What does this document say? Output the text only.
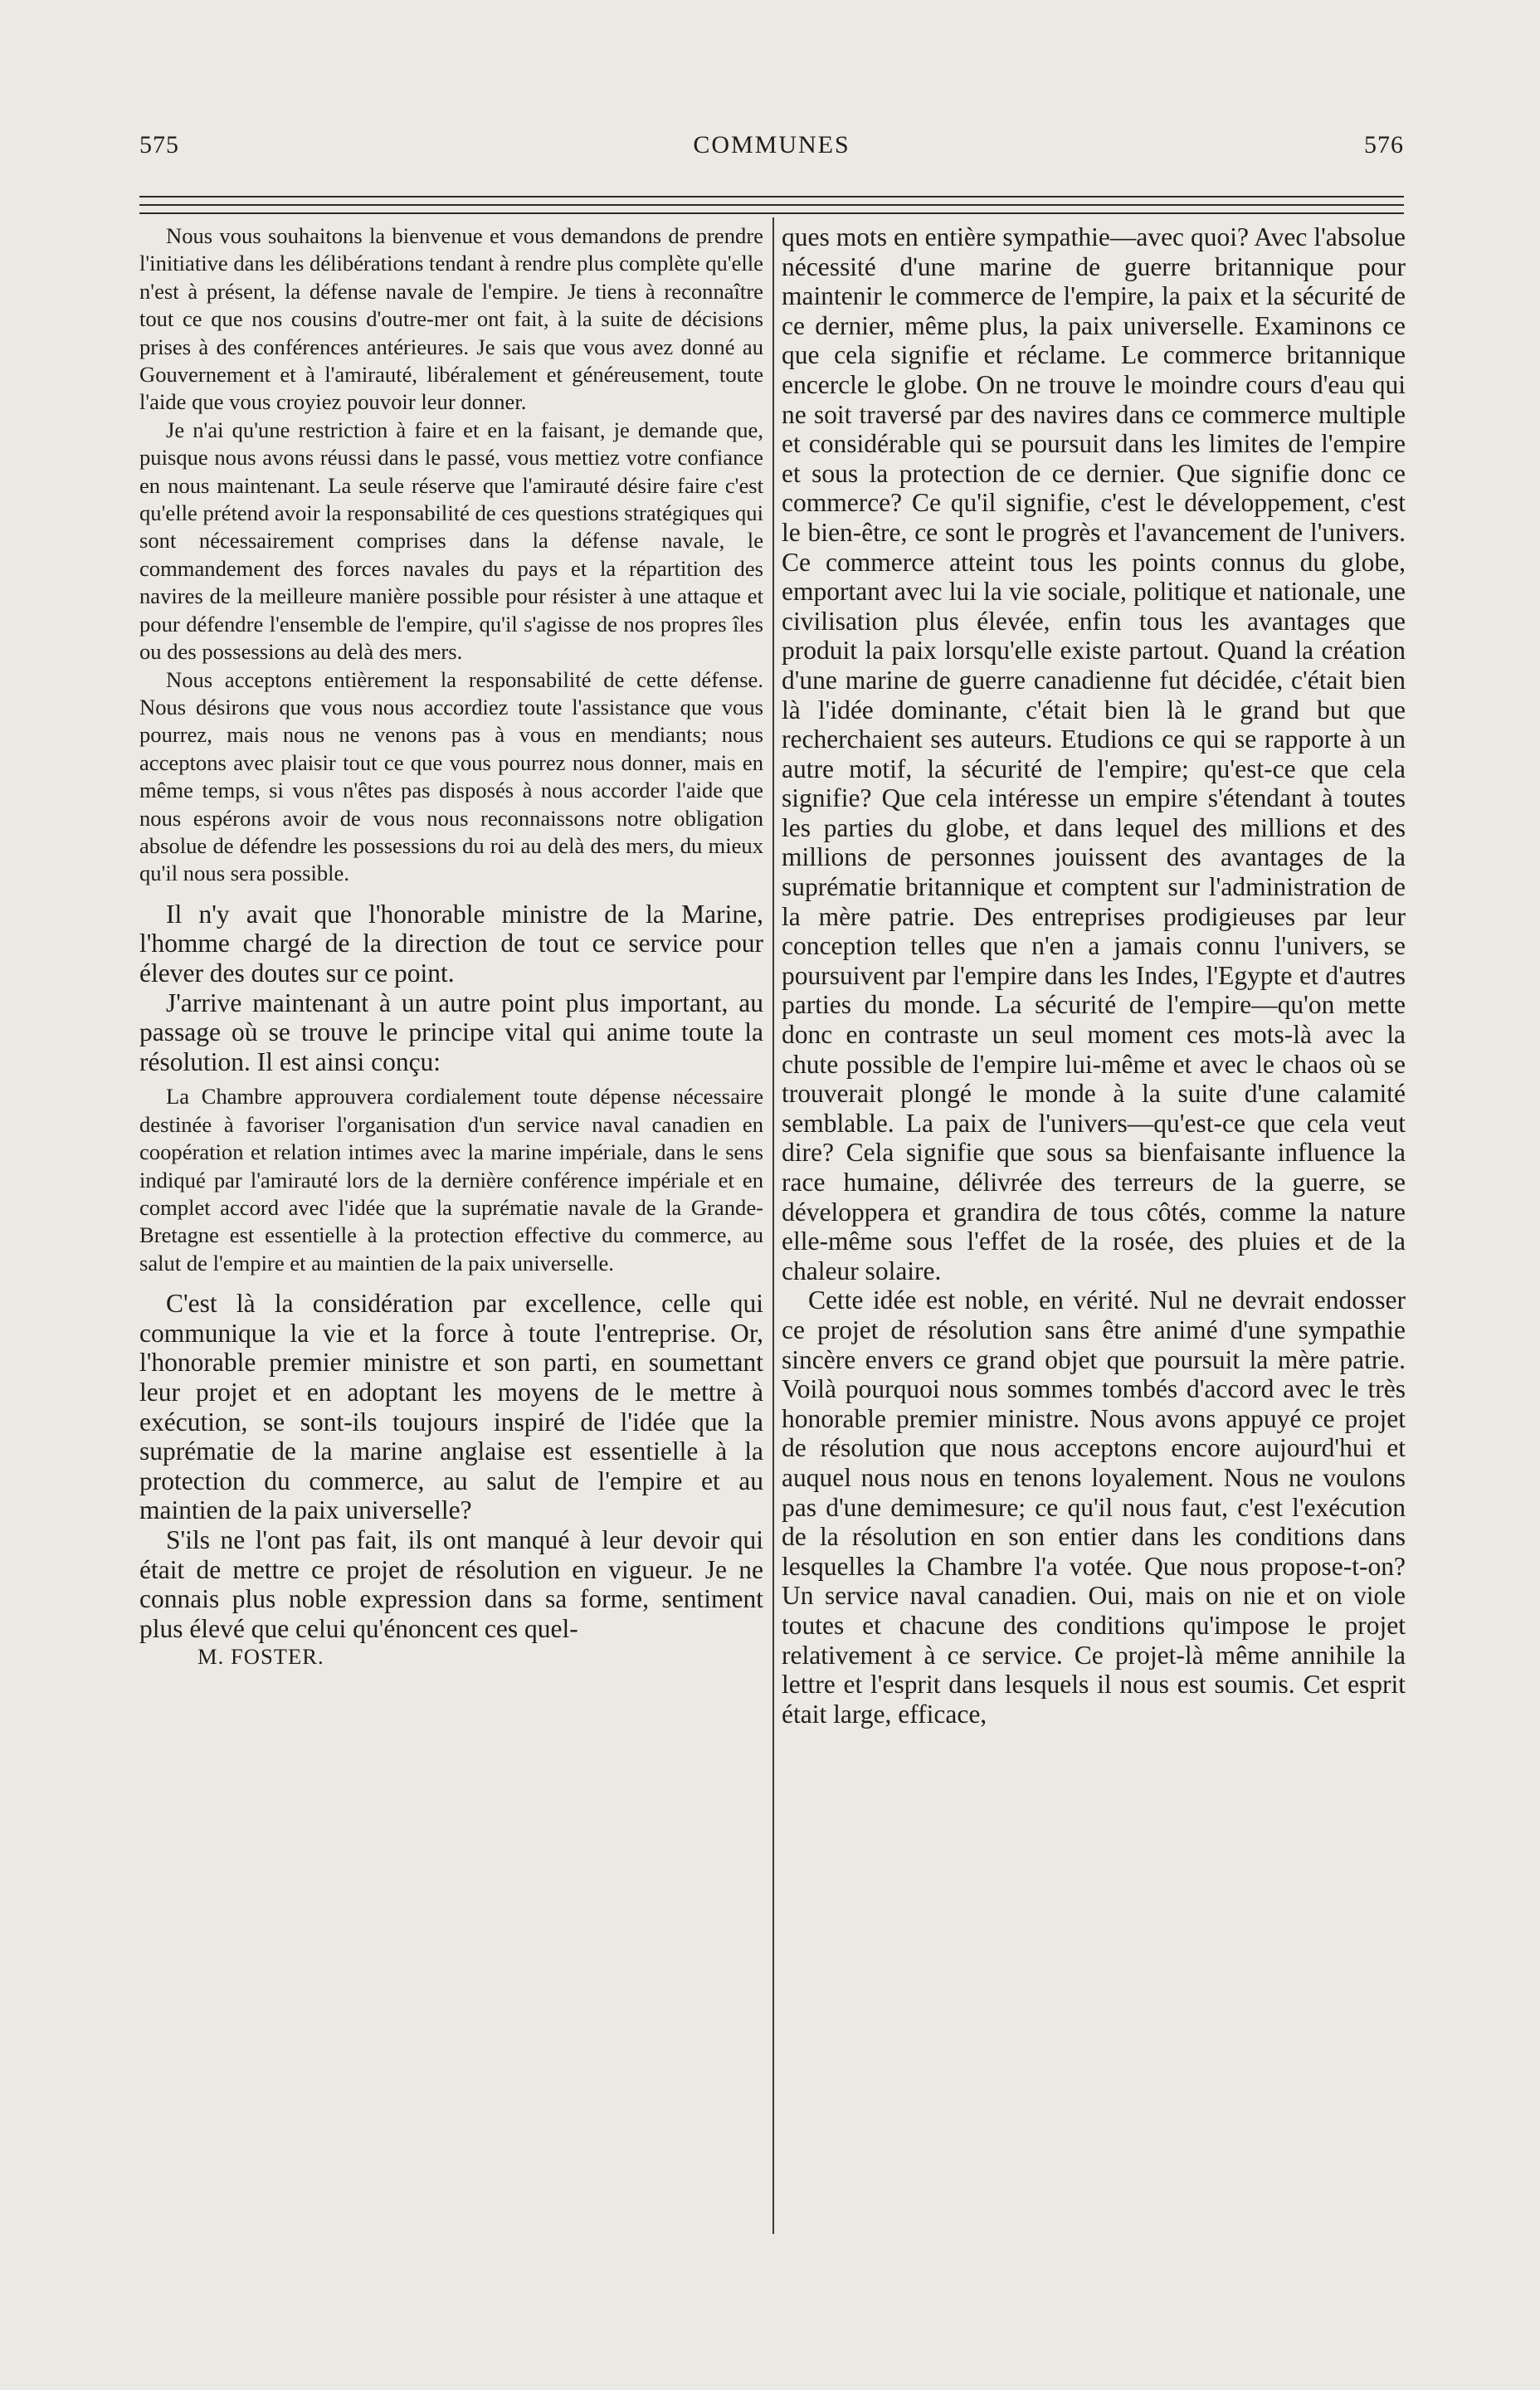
575	COMMUNES	576

Nous vous souhaitons la bienvenue et vous demandons de prendre l'initiative dans les délibérations tendant à rendre plus complète qu'elle n'est à présent, la défense navale de l'empire. Je tiens à reconnaître tout ce que nos cousins d'outre-mer ont fait, à la suite de décisions prises à des conférences antérieures. Je sais que vous avez donné au Gouvernement et à l'amirauté, libéralement et généreusement, toute l'aide que vous croyiez pouvoir leur donner.

Je n'ai qu'une restriction à faire et en la faisant, je demande que, puisque nous avons réussi dans le passé, vous mettiez votre confiance en nous maintenant. La seule réserve que l'amirauté désire faire c'est qu'elle prétend avoir la responsabilité de ces questions stratégiques qui sont nécessairement comprises dans la défense navale, le commandement des forces navales du pays et la répartition des navires de la meilleure manière possible pour résister à une attaque et pour défendre l'ensemble de l'empire, qu'il s'agisse de nos propres îles ou des possessions au delà des mers.

Nous acceptons entièrement la responsabilité de cette défense. Nous désirons que vous nous accordiez toute l'assistance que vous pourrez, mais nous ne venons pas à vous en mendiants; nous acceptons avec plaisir tout ce que vous pourrez nous donner, mais en même temps, si vous n'êtes pas disposés à nous accorder l'aide que nous espérons avoir de vous nous reconnaissons notre obligation absolue de défendre les possessions du roi au delà des mers, du mieux qu'il nous sera possible.

Il n'y avait que l'honorable ministre de la Marine, l'homme chargé de la direction de tout ce service pour élever des doutes sur ce point.

J'arrive maintenant à un autre point plus important, au passage où se trouve le principe vital qui anime toute la résolution. Il est ainsi conçu:

La Chambre approuvera cordialement toute dépense nécessaire destinée à favoriser l'organisation d'un service naval canadien en coopération et relation intimes avec la marine impériale, dans le sens indiqué par l'amirauté lors de la dernière conférence impériale et en complet accord avec l'idée que la suprématie navale de la Grande-Bretagne est essentielle à la protection effective du commerce, au salut de l'empire et au maintien de la paix universelle.

C'est là la considération par excellence, celle qui communique la vie et la force à toute l'entreprise. Or, l'honorable premier ministre et son parti, en soumettant leur projet et en adoptant les moyens de le mettre à exécution, se sont-ils toujours inspiré de l'idée que la suprématie de la marine anglaise est essentielle à la protection du commerce, au salut de l'empire et au maintien de la paix universelle?

S'ils ne l'ont pas fait, ils ont manqué à leur devoir qui était de mettre ce projet de résolution en vigueur. Je ne connais plus noble expression dans sa forme, sentiment plus élevé que celui qu'énoncent ces quel-

M. FOSTER.

ques mots en entière sympathie—avec quoi? Avec l'absolue nécessité d'une marine de guerre britannique pour maintenir le commerce de l'empire, la paix et la sécurité de ce dernier, même plus, la paix universelle. Examinons ce que cela signifie et réclame. Le commerce britannique encercle le globe. On ne trouve le moindre cours d'eau qui ne soit traversé par des navires dans ce commerce multiple et considérable qui se poursuit dans les limites de l'empire et sous la protection de ce dernier. Que signifie donc ce commerce? Ce qu'il signifie, c'est le développement, c'est le bien-être, ce sont le progrès et l'avancement de l'univers. Ce commerce atteint tous les points connus du globe, emportant avec lui la vie sociale, politique et nationale, une civilisation plus élevée, enfin tous les avantages que produit la paix lorsqu'elle existe partout. Quand la création d'une marine de guerre canadienne fut décidée, c'était bien là l'idée dominante, c'était bien là le grand but que recherchaient ses auteurs. Etudions ce qui se rapporte à un autre motif, la sécurité de l'empire; qu'est-ce que cela signifie? Que cela intéresse un empire s'étendant à toutes les parties du globe, et dans lequel des millions et des millions de personnes jouissent des avantages de la suprématie britannique et comptent sur l'administration de la mère patrie. Des entreprises prodigieuses par leur conception telles que n'en a jamais connu l'univers, se poursuivent par l'empire dans les Indes, l'Egypte et d'autres parties du monde. La sécurité de l'empire—qu'on mette donc en contraste un seul moment ces mots-là avec la chute possible de l'empire lui-même et avec le chaos où se trouverait plongé le monde à la suite d'une calamité semblable. La paix de l'univers—qu'est-ce que cela veut dire? Cela signifie que sous sa bienfaisante influence la race humaine, délivrée des terreurs de la guerre, se développera et grandira de tous côtés, comme la nature elle-même sous l'effet de la rosée, des pluies et de la chaleur solaire.

Cette idée est noble, en vérité. Nul ne devrait endosser ce projet de résolution sans être animé d'une sympathie sincère envers ce grand objet que poursuit la mère patrie. Voilà pourquoi nous sommes tombés d'accord avec le très honorable premier ministre. Nous avons appuyé ce projet de résolution que nous acceptons encore aujourd'hui et auquel nous nous en tenons loyalement. Nous ne voulons pas d'une demimesure; ce qu'il nous faut, c'est l'exécution de la résolution en son entier dans les conditions dans lesquelles la Chambre l'a votée. Que nous propose-t-on? Un service naval canadien. Oui, mais on nie et on viole toutes et chacune des conditions qu'impose le projet relativement à ce service. Ce projet-là même annihile la lettre et l'esprit dans lesquels il nous est soumis. Cet esprit était large, efficace,
